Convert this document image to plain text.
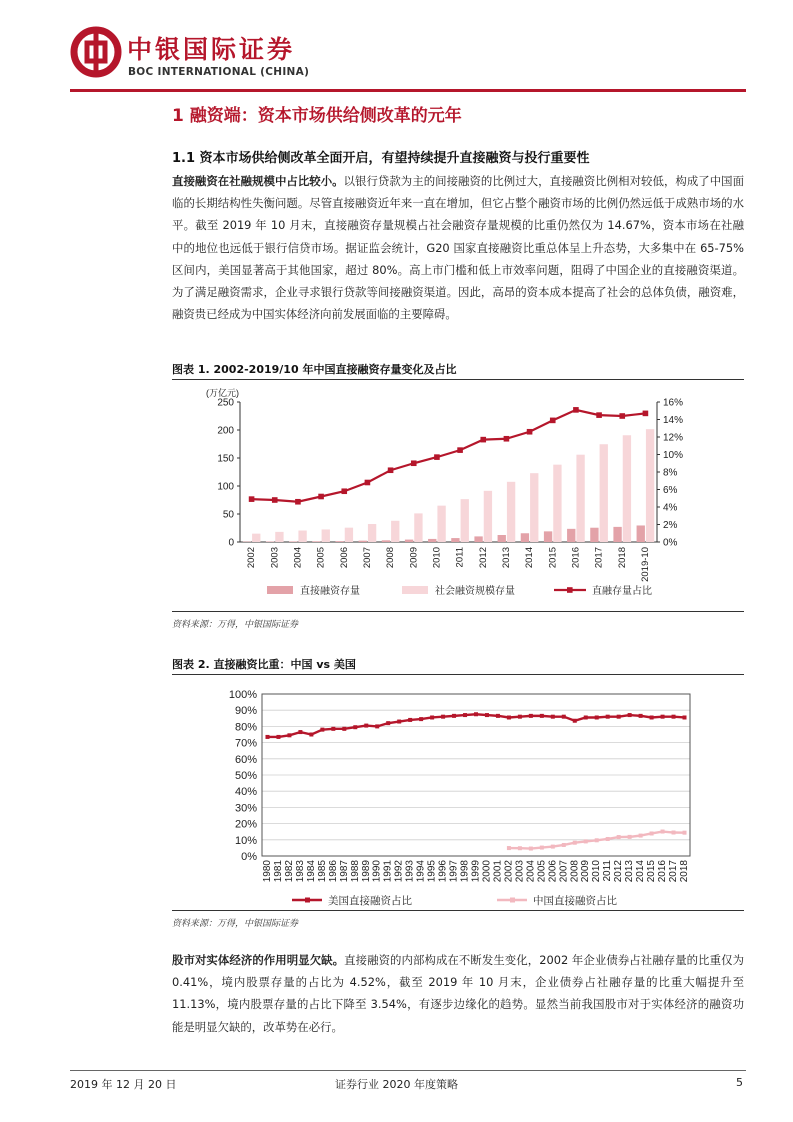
中银国际证券
BOC INTERNATIONAL (CHINA)
1 融资端：资本市场供给侧改革的元年
1.1 资本市场供给侧改革全面开启，有望持续提升直接融资与投行重要性
直接融资在社融规模中占比较小。以银行贷款为主的间接融资的比例过大，直接融资比例相对较低，构成了中国面临的长期结构性失衡问题。尽管直接融资近年来一直在增加，但它占整个融资市场的比例仍然远低于成熟市场的水平。截至 2019 年 10 月末，直接融资存量规模占社会融资存量规模的比重仍然仅为 14.67%，资本市场在社融中的地位也远低于银行信贷市场。据证监会统计，G20 国家直接融资比重总体呈上升态势，大多集中在 65-75%区间内，美国显著高于其他国家，超过 80%。高上市门槛和低上市效率问题，阻碍了中国企业的直接融资渠道。为了满足融资需求，企业寻求银行贷款等间接融资渠道。因此，高昂的资本成本提高了社会的总体负债，融资难，融资贵已经成为中国实体经济向前发展面临的主要障碍。
图表 1. 2002-2019/10 年中国直接融资存量变化及占比
(万亿元)
0
50
100
150
200
250
0%
2%
4%
6%
8%
10%
12%
14%
16%
2002 2003 2004 2005 2006 2007 2008 2009 2010 2011 2012 2013 2014 2015 2016 2017 2018 2019-10
直接融资存量	社会融资规模存量	直融存量占比
资料来源：万得，中银国际证券
图表 2. 直接融资比重：中国 vs 美国
0%
10%
20%
30%
40%
50%
60%
70%
80%
90%
100%
1980 1981 1982 1983 1984 1985 1986 1987 1988 1989 1990 1991 1992 1993 1994 1995 1996 1997 1998 1999 2000 2001 2002 2003 2004 2005 2006 2007 2008 2009 2010 2011 2012 2013 2014 2015 2016 2017 2018
美国直接融资占比	中国直接融资占比
资料来源：万得，中银国际证券
股市对实体经济的作用明显欠缺。直接融资的内部构成在不断发生变化，2002 年企业债券占社融存量的比重仅为 0.41%，境内股票存量的占比为 4.52%，截至 2019 年 10 月末，企业债券占社融存量的比重大幅提升至 11.13%，境内股票存量的占比下降至 3.54%，有逐步边缘化的趋势。显然当前我国股市对于实体经济的融资功能是明显欠缺的，改革势在必行。
2019 年 12 月 20 日	证券行业 2020 年度策略	5
